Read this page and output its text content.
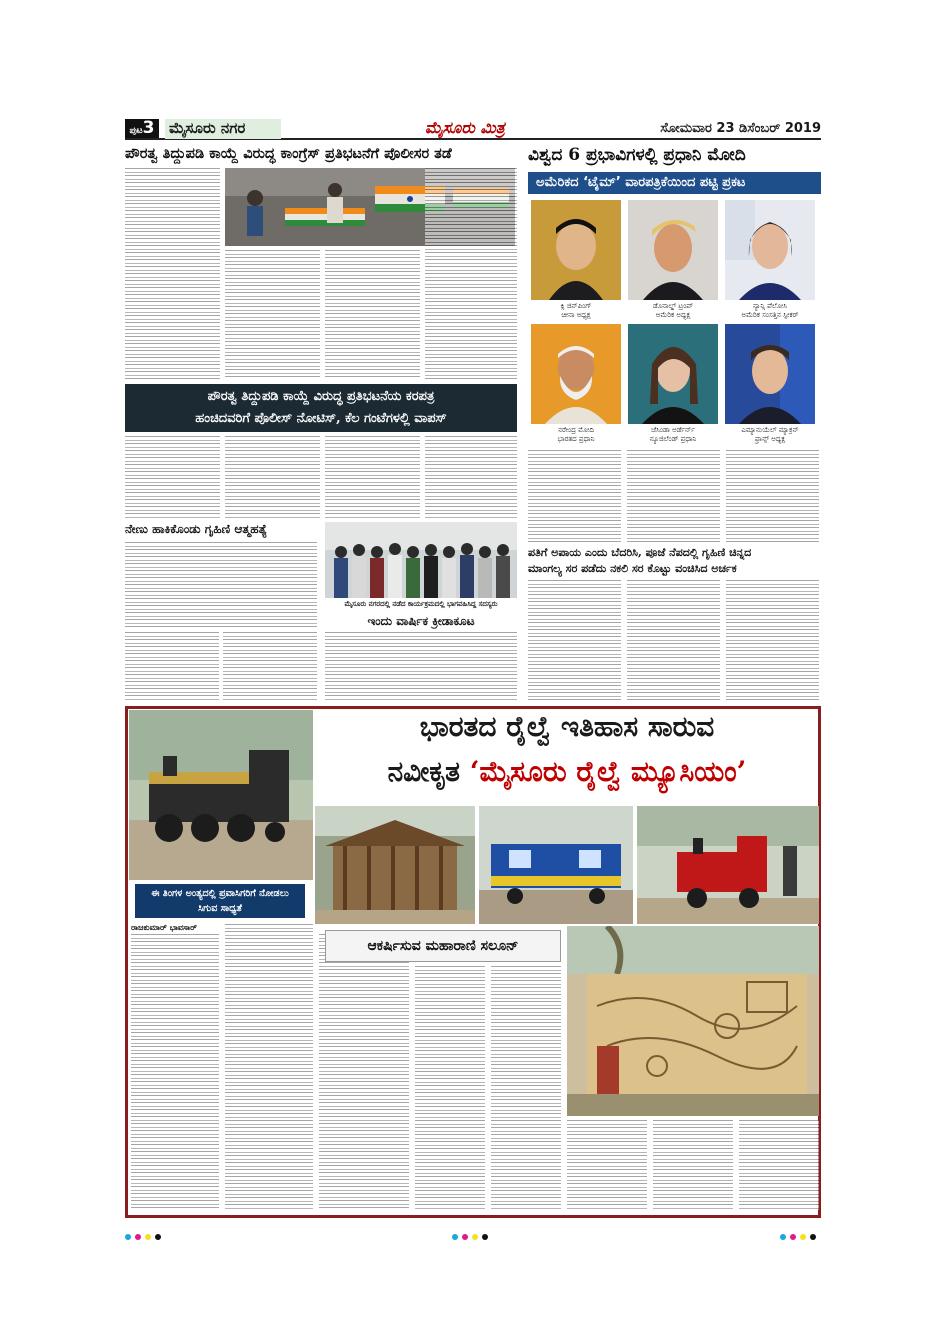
ಪುಟ3 ಮೈಸೂರು ನಗರ	ಮೈಸೂರು ಮಿತ್ರ	ಸೋಮವಾರ 23 ಡಿಸೆಂಬರ್ 2019
ಪೌರತ್ವ ತಿದ್ದುಪಡಿ ಕಾಯ್ದೆ ವಿರುದ್ಧ ಕಾಂಗ್ರೆಸ್ ಪ್ರತಿಭಟನೆಗೆ ಪೊಲೀಸರ ತಡೆ	ವಿಶ್ವದ 6 ಪ್ರಭಾವಿಗಳಲ್ಲಿ ಪ್ರಧಾನಿ ಮೋದಿ
ಅಮೆರಿಕದ ‘ಟೈಮ್’ ವಾರಪತ್ರಿಕೆಯಿಂದ ಪಟ್ಟಿ ಪ್ರಕಟ
ಕ್ಸಿ ಜಿನ್‌ಪಿಂಗ್
ಚೀನಾ ಅಧ್ಯಕ್ಷ
ಡೊನಾಲ್ಡ್ ಟ್ರಂಪ್
ಅಮೆರಿಕ ಅಧ್ಯಕ್ಷ
ನ್ಯಾನ್ಸಿ ಪೆಲೋಸಿ
ಅಮೆರಿಕ ಸಂಸತ್ತಿನ ಸ್ಪೀಕರ್
ನರೇಂದ್ರ ಮೋದಿ
ಭಾರತದ ಪ್ರಧಾನಿ
ಜೆಸಿಂಡಾ ಅರ್ಡೆರ್ನ್
ನ್ಯೂಜಿಲೆಂಡ್ ಪ್ರಧಾನಿ
ಎಮ್ಯಾನುಯೆಲ್ ಮ್ಯಾಕ್ರನ್
ಫ್ರಾನ್ಸ್ ಅಧ್ಯಕ್ಷ
ಪೌರತ್ವ ತಿದ್ದುಪಡಿ ಕಾಯ್ದೆ ವಿರುದ್ಧ ಪ್ರತಿಭಟನೆಯ ಕರಪತ್ರ
ಹಂಚಿದವರಿಗೆ ಪೊಲೀಸ್ ನೋಟಿಸ್, ಕೆಲ ಗಂಟೆಗಳಲ್ಲಿ ವಾಪಸ್
ನೇಣು ಹಾಕಿಕೊಂಡು ಗೃಹಿಣಿ ಆತ್ಮಹತ್ಯೆ
ಮೈಸೂರು ನಗರದಲ್ಲಿ ನಡೆದ ಕಾರ್ಯಕ್ರಮದಲ್ಲಿ ಭಾಗವಹಿಸಿದ್ದ ಸದಸ್ಯರು
ಇಂದು ವಾರ್ಷಿಕ ಕ್ರೀಡಾಕೂಟ
ಪತಿಗೆ ಅಪಾಯ ಎಂದು ಬೆದರಿಸಿ, ಪೂಜೆ ನೆಪದಲ್ಲಿ ಗೃಹಿಣಿ ಚಿನ್ನದ
ಮಾಂಗಲ್ಯ ಸರ ಪಡೆದು ನಕಲಿ ಸರ ಕೊಟ್ಟು ವಂಚಿಸಿದ ಅರ್ಚಕ
ಈ ತಿಂಗಳ ಅಂತ್ಯದಲ್ಲಿ ಪ್ರವಾಸಿಗರಿಗೆ ನೋಡಲು ಸಿಗುವ ಸಾಧ್ಯತೆ
ಭಾರತದ ರೈಲ್ವೆ ಇತಿಹಾಸ ಸಾರುವ
ನವೀಕೃತ ‘ಮೈಸೂರು ರೈಲ್ವೆ ಮ್ಯೂಸಿಯಂ’
ರಾಜಕುಮಾರ್ ಭಾವಸಾರ್
ಆಕರ್ಷಿಸುವ ಮಹಾರಾಣಿ ಸಲೂನ್
